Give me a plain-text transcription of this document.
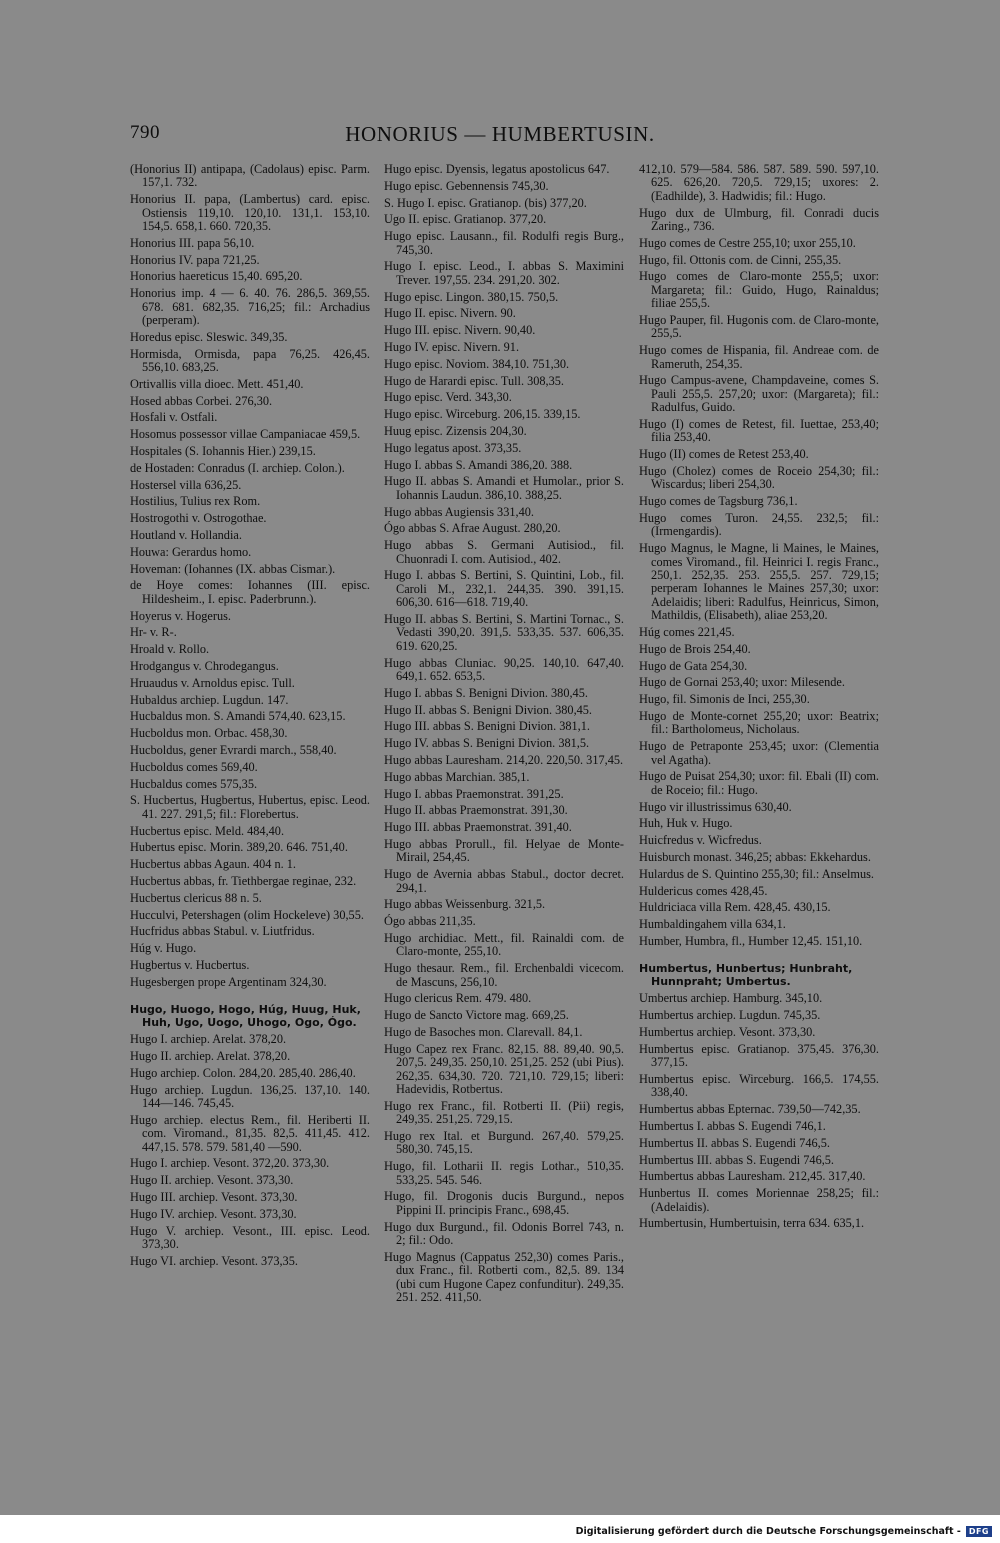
790	HONORIUS — HUMBERTUSIN.
(Honorius II) antipapa, (Cadolaus) episc. Parm. 157,1. 732.
Honorius II. papa, (Lambertus) card. episc. Ostiensis 119,10. 120,10. 131,1. 153,10. 154,5. 658,1. 660. 720,35.
Honorius III. papa 56,10.
Honorius IV. papa 721,25.
Honorius haereticus 15,40. 695,20.
Honorius imp. 4 — 6. 40. 76. 286,5. 369,55. 678. 681. 682,35. 716,25; fil.: Archadius (perperam).
Horedus episc. Sleswic. 349,35.
Hormisda, Ormisda, papa 76,25. 426,45. 556,10. 683,25.
Ortivallis villa dioec. Mett. 451,40.
Hosed abbas Corbei. 276,30.
Hosfali v. Ostfali.
Hosomus possessor villae Campaniacae 459,5.
Hospitales (S. Iohannis Hier.) 239,15.
de Hostaden: Conradus (I. archiep. Colon.).
Hostersel villa 636,25.
Hostilius, Tulius rex Rom.
Hostrogothi v. Ostrogothae.
Houtland v. Hollandia.
Houwa: Gerardus homo.
Hoveman: (Iohannes (IX. abbas Cismar.).
de Hoye comes: Iohannes (III. episc. Hildesheim., I. episc. Paderbrunn.).
Hoyerus v. Hogerus.
Hr- v. R-.
Hroald v. Rollo.
Hrodgangus v. Chrodegangus.
Hruaudus v. Arnoldus episc. Tull.
Hubaldus archiep. Lugdun. 147.
Hucbaldus mon. S. Amandi 574,40. 623,15.
Hucboldus mon. Orbac. 458,30.
Hucboldus, gener Evrardi march., 558,40.
Hucboldus comes 569,40.
Hucbaldus comes 575,35.
S. Hucbertus, Hugbertus, Hubertus, episc. Leod. 41. 227. 291,5; fil.: Florebertus.
Hucbertus episc. Meld. 484,40.
Hubertus episc. Morin. 389,20. 646. 751,40.
Hucbertus abbas Agaun. 404 n. 1.
Hucbertus abbas, fr. Tiethbergae reginae, 232.
Hucbertus clericus 88 n. 5.
Hucculvi, Petershagen (olim Hockeleve) 30,55.
Hucfridus abbas Stabul. v. Liutfridus.
Húg v. Hugo.
Hugbertus v. Hucbertus.
Hugesbergen prope Argentinam 324,30.
Hugo, Huogo, Hogo, Húg, Huug, Huk, Huh, Ugo, Uogo, Uhogo, Ogo, Ógo.
Hugo I. archiep. Arelat. 378,20.
Hugo II. archiep. Arelat. 378,20.
Hugo archiep. Colon. 284,20. 285,40. 286,40.
Hugo archiep. Lugdun. 136,25. 137,10. 140. 144—146. 745,45.
Hugo archiep. electus Rem., fil. Heriberti II. com. Viromand., 81,35. 82,5. 411,45. 412. 447,15. 578. 579. 581,40 —590.
Hugo I. archiep. Vesont. 372,20. 373,30.
Hugo II. archiep. Vesont. 373,30.
Hugo III. archiep. Vesont. 373,30.
Hugo IV. archiep. Vesont. 373,30.
Hugo V. archiep. Vesont., III. episc. Leod. 373,30.
Hugo VI. archiep. Vesont. 373,35.
Hugo episc. Dyensis, legatus apostolicus 647.
Hugo episc. Gebennensis 745,30.
S. Hugo I. episc. Gratianop. (bis) 377,20.
Ugo II. episc. Gratianop. 377,20.
Hugo episc. Lausann., fil. Rodulfi regis Burg., 745,30.
Hugo I. episc. Leod., I. abbas S. Maximini Trever. 197,55. 234. 291,20. 302.
Hugo episc. Lingon. 380,15. 750,5.
Hugo II. episc. Nivern. 90.
Hugo III. episc. Nivern. 90,40.
Hugo IV. episc. Nivern. 91.
Hugo episc. Noviom. 384,10. 751,30.
Hugo de Harardi episc. Tull. 308,35.
Hugo episc. Verd. 343,30.
Hugo episc. Wirceburg. 206,15. 339,15.
Huug episc. Zizensis 204,30.
Hugo legatus apost. 373,35.
Hugo I. abbas S. Amandi 386,20. 388.
Hugo II. abbas S. Amandi et Humolar., prior S. Iohannis Laudun. 386,10. 388,25.
Hugo abbas Augiensis 331,40.
Ógo abbas S. Afrae August. 280,20.
Hugo abbas S. Germani Autisiod., fil. Chuonradi I. com. Autisiod., 402.
Hugo I. abbas S. Bertini, S. Quintini, Lob., fil. Caroli M., 232,1. 244,35. 390. 391,15. 606,30. 616—618. 719,40.
Hugo II. abbas S. Bertini, S. Martini Tornac., S. Vedasti 390,20. 391,5. 533,35. 537. 606,35. 619. 620,25.
Hugo abbas Cluniac. 90,25. 140,10. 647,40. 649,1. 652. 653,5.
Hugo I. abbas S. Benigni Divion. 380,45.
Hugo II. abbas S. Benigni Divion. 380,45.
Hugo III. abbas S. Benigni Divion. 381,1.
Hugo IV. abbas S. Benigni Divion. 381,5.
Hugo abbas Lauresham. 214,20. 220,50. 317,45.
Hugo abbas Marchian. 385,1.
Hugo I. abbas Praemonstrat. 391,25.
Hugo II. abbas Praemonstrat. 391,30.
Hugo III. abbas Praemonstrat. 391,40.
Hugo abbas Prorull., fil. Helyae de Monte-Mirail, 254,45.
Hugo de Avernia abbas Stabul., doctor decret. 294,1.
Hugo abbas Weissenburg. 321,5.
Ógo abbas 211,35.
Hugo archidiac. Mett., fil. Rainaldi com. de Claro-monte, 255,10.
Hugo thesaur. Rem., fil. Erchenbaldi vicecom. de Mascuns, 256,10.
Hugo clericus Rem. 479. 480.
Hugo de Sancto Victore mag. 669,25.
Hugo de Basoches mon. Clarevall. 84,1.
Hugo Capez rex Franc. 82,15. 88. 89,40. 90,5. 207,5. 249,35. 250,10. 251,25. 252 (ubi Pius). 262,35. 634,30. 720. 721,10. 729,15; liberi: Hadevidis, Rotbertus.
Hugo rex Franc., fil. Rotberti II. (Pii) regis, 249,35. 251,25. 729,15.
Hugo rex Ital. et Burgund. 267,40. 579,25. 580,30. 745,15.
Hugo, fil. Lotharii II. regis Lothar., 510,35. 533,25. 545. 546.
Hugo, fil. Drogonis ducis Burgund., nepos Pippini II. principis Franc., 698,45.
Hugo dux Burgund., fil. Odonis Borrel 743, n. 2; fil.: Odo.
Hugo Magnus (Cappatus 252,30) comes Paris., dux Franc., fil. Rotberti com., 82,5. 89. 134 (ubi cum Hugone Capez confunditur). 249,35. 251. 252. 411,50.
412,10. 579—584. 586. 587. 589. 590. 597,10. 625. 626,20. 720,5. 729,15; uxores: 2. (Eadhilde), 3. Hadwidis; fil.: Hugo.
Hugo dux de Ulmburg, fil. Conradi ducis Zaring., 736.
Hugo comes de Cestre 255,10; uxor 255,10.
Hugo, fil. Ottonis com. de Cinni, 255,35.
Hugo comes de Claro-monte 255,5; uxor: Margareta; fil.: Guido, Hugo, Rainaldus; filiae 255,5.
Hugo Pauper, fil. Hugonis com. de Claro-monte, 255,5.
Hugo comes de Hispania, fil. Andreae com. de Rameruth, 254,35.
Hugo Campus-avene, Champdaveine, comes S. Pauli 255,5. 257,20; uxor: (Margareta); fil.: Radulfus, Guido.
Hugo (I) comes de Retest, fil. Iuettae, 253,40; filia 253,40.
Hugo (II) comes de Retest 253,40.
Hugo (Cholez) comes de Roceio 254,30; fil.: Wiscardus; liberi 254,30.
Hugo comes de Tagsburg 736,1.
Hugo comes Turon. 24,55. 232,5; fil.: (Irmengardis).
Hugo Magnus, le Magne, li Maines, le Maines, comes Viromand., fil. Heinrici I. regis Franc., 250,1. 252,35. 253. 255,5. 257. 729,15; perperam Iohannes le Maines 257,30; uxor: Adelaidis; liberi: Radulfus, Heinricus, Simon, Mathildis, (Elisabeth), aliae 253,20.
Húg comes 221,45.
Hugo de Brois 254,40.
Hugo de Gata 254,30.
Hugo de Gornai 253,40; uxor: Milesende.
Hugo, fil. Simonis de Inci, 255,30.
Hugo de Monte-cornet 255,20; uxor: Beatrix; fil.: Bartholomeus, Nicholaus.
Hugo de Petraponte 253,45; uxor: (Clementia vel Agatha).
Hugo de Puisat 254,30; uxor: fil. Ebali (II) com. de Roceio; fil.: Hugo.
Hugo vir illustrissimus 630,40.
Huh, Huk v. Hugo.
Huicfredus v. Wicfredus.
Huisburch monast. 346,25; abbas: Ekkehardus.
Hulardus de S. Quintino 255,30; fil.: Anselmus.
Huldericus comes 428,45.
Huldriciaca villa Rem. 428,45. 430,15.
Humbaldingahem villa 634,1.
Humber, Humbra, fl., Humber 12,45. 151,10.
Humbertus, Hunbertus; Hunbraht, Hunnpraht; Umbertus.
Umbertus archiep. Hamburg. 345,10.
Humbertus archiep. Lugdun. 745,35.
Humbertus archiep. Vesont. 373,30.
Humbertus episc. Gratianop. 375,45. 376,30. 377,15.
Humbertus episc. Wirceburg. 166,5. 174,55. 338,40.
Humbertus abbas Epternac. 739,50—742,35.
Humbertus I. abbas S. Eugendi 746,1.
Humbertus II. abbas S. Eugendi 746,5.
Humbertus III. abbas S. Eugendi 746,5.
Humbertus abbas Lauresham. 212,45. 317,40.
Hunbertus II. comes Moriennae 258,25; fil.: (Adelaidis).
Humbertusin, Humbertuisin, terra 634. 635,1.
Digitalisierung gefördert durch die Deutsche Forschungsgemeinschaft -	DFG
